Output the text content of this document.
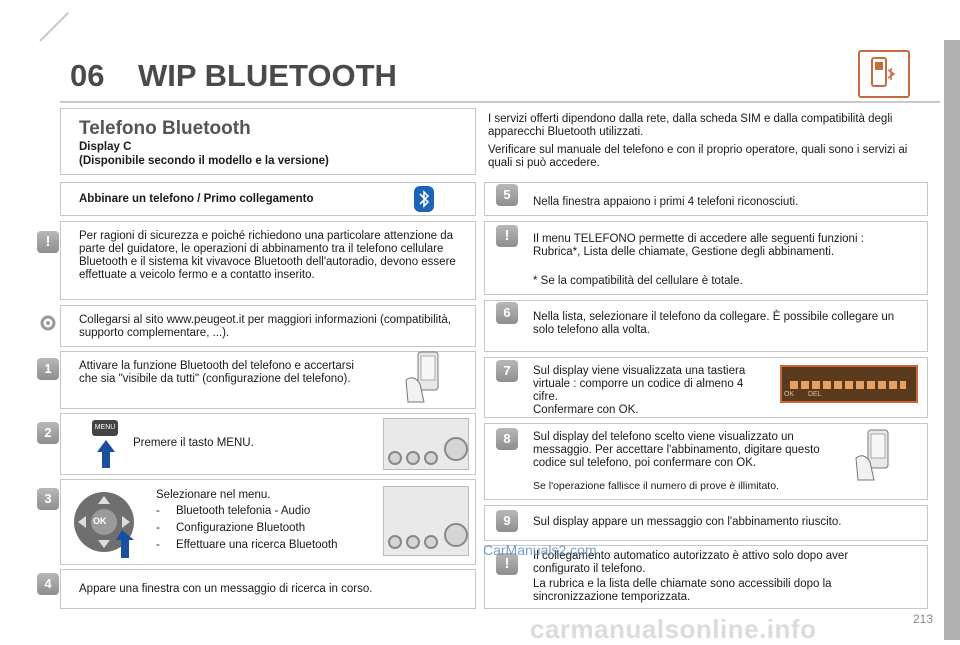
06 WIP BLUETOOTH
Telefono Bluetooth
Display C
(Disponibile secondo il modello e la versione)
I servizi offerti dipendono dalla rete, dalla scheda SIM e dalla compatibilità degli apparecchi Bluetooth utilizzati.
Verificare sul manuale del telefono e con il proprio operatore, quali sono i servizi ai quali si può accedere.
Abbinare un telefono / Primo collegamento
!	Per ragioni di sicurezza e poiché richiedono una particolare attenzione da parte del guidatore, le operazioni di abbinamento tra il telefono cellulare Bluetooth e il sistema kit vivavoce Bluetooth dell'autoradio, devono essere effettuate a veicolo fermo e a contatto inserito.
Collegarsi al sito www.peugeot.it per maggiori informazioni (compatibilità, supporto complementare, ...).
1	Attivare la funzione Bluetooth del telefono e accertarsi che sia "visibile da tutti" (configurazione del telefono).
2	MENU
Premere il tasto MENU.
3
OK
Selezionare nel menu.
- Bluetooth telefonia - Audio
- Configurazione Bluetooth
- Effettuare una ricerca Bluetooth
4	Appare una finestra con un messaggio di ricerca in corso.
5	Nella finestra appaiono i primi 4 telefoni riconosciuti.
!	Il menu TELEFONO permette di accedere alle seguenti funzioni : Rubrica*, Lista delle chiamate, Gestione degli abbinamenti.
* Se la compatibilità del cellulare è totale.
6	Nella lista, selezionare il telefono da collegare. È possibile collegare un solo telefono alla volta.
7	Sul display viene visualizzata una tastiera virtuale : comporre un codice di almeno 4 cifre.
Confermare con OK.
OK DEL
8	Sul display del telefono scelto viene visualizzato un messaggio. Per accettare l'abbinamento, digitare questo codice sul telefono, poi confermare con OK.
Se l'operazione fallisce il numero di prove è illimitato.
9	Sul display appare un messaggio con l'abbinamento riuscito.
!	Il collegamento automatico autorizzato è attivo solo dopo aver configurato il telefono.
La rubrica e la lista delle chiamate sono accessibili dopo la sincronizzazione temporizzata.
CarManuals2.com
carmanualsonline.info	213
